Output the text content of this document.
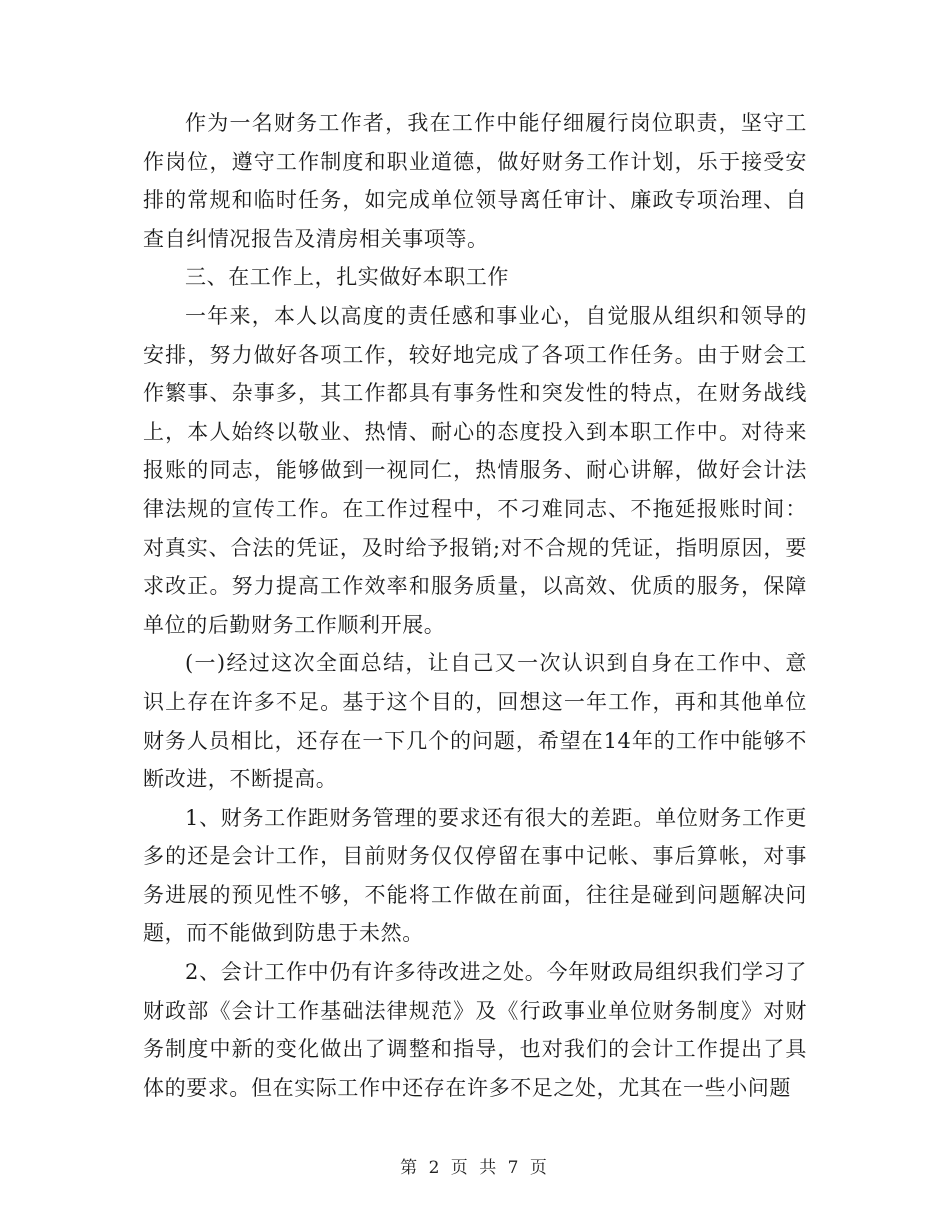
作为一名财务工作者，我在工作中能仔细履行岗位职责，坚守工作岗位，遵守工作制度和职业道德，做好财务工作计划，乐于接受安排的常规和临时任务，如完成单位领导离任审计、廉政专项治理、自查自纠情况报告及清房相关事项等。

三、在工作上，扎实做好本职工作

一年来，本人以高度的责任感和事业心，自觉服从组织和领导的安排，努力做好各项工作，较好地完成了各项工作任务。由于财会工作繁事、杂事多，其工作都具有事务性和突发性的特点，在财务战线上，本人始终以敬业、热情、耐心的态度投入到本职工作中。对待来报账的同志，能够做到一视同仁，热情服务、耐心讲解，做好会计法律法规的宣传工作。在工作过程中，不刁难同志、不拖延报账时间：对真实、合法的凭证，及时给予报销;对不合规的凭证，指明原因，要求改正。努力提高工作效率和服务质量，以高效、优质的服务，保障单位的后勤财务工作顺利开展。

(一)经过这次全面总结，让自己又一次认识到自身在工作中、意识上存在许多不足。基于这个目的，回想这一年工作，再和其他单位财务人员相比，还存在一下几个的问题，希望在14年的工作中能够不断改进，不断提高。

1、财务工作距财务管理的要求还有很大的差距。单位财务工作更多的还是会计工作，目前财务仅仅停留在事中记帐、事后算帐，对事务进展的预见性不够，不能将工作做在前面，往往是碰到问题解决问题，而不能做到防患于未然。

2、会计工作中仍有许多待改进之处。今年财政局组织我们学习了财政部《会计工作基础法律规范》及《行政事业单位财务制度》对财务制度中新的变化做出了调整和指导，也对我们的会计工作提出了具体的要求。但在实际工作中还存在许多不足之处，尤其在一些小问题

第 2 页 共 7 页
